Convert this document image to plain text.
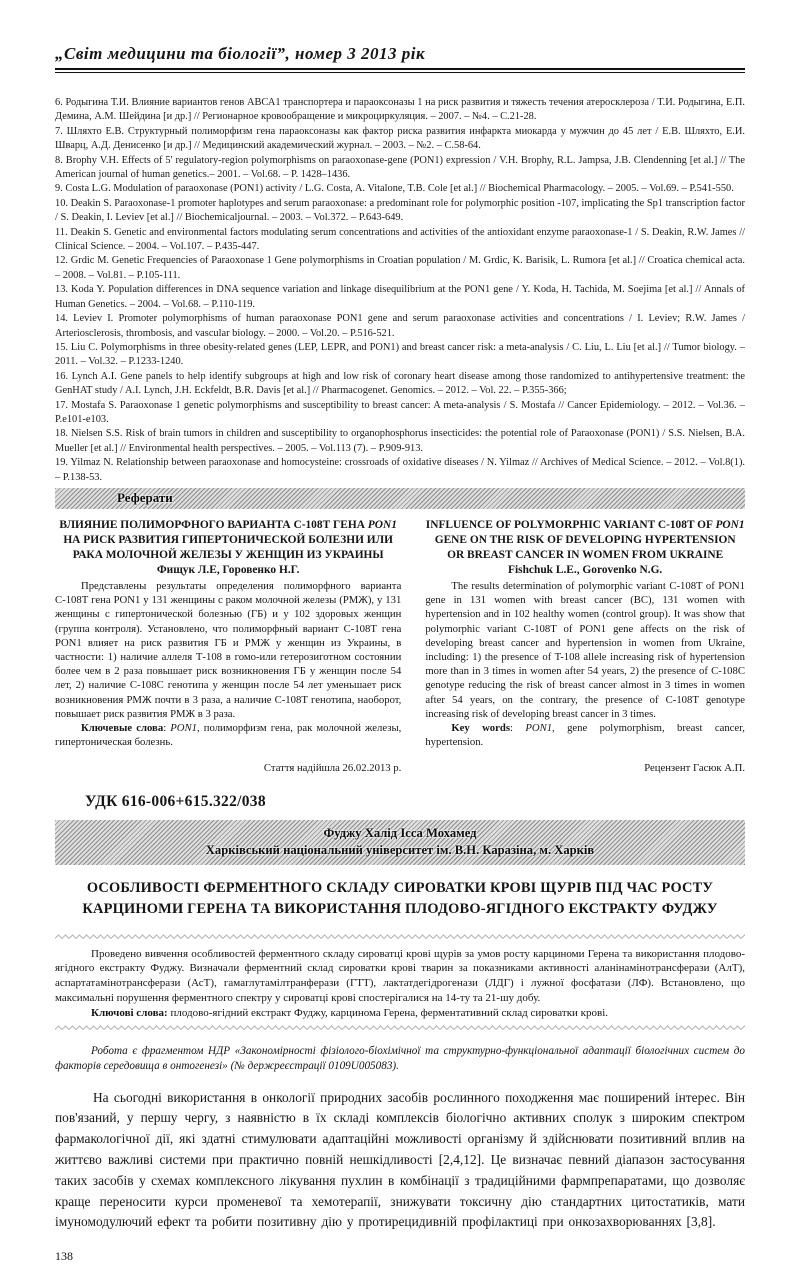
„Світ медицини та біології”, номер 3 2013 рік

6. Родыгина Т.И. Влияние вариантов генов АВСА1 транспортера и параоксоназы 1 на риск развития и тяжесть течения атеросклероза / Т.И. Родыгина, Е.П. Демина, А.М. Шейдина [и др.] // Регионарное кровообращение и микроциркуляция. – 2007. – №4. – С.21-28.

7. Шляхто Е.В. Структурный полиморфизм гена параоксоназы как фактор риска развития инфаркта миокарда у мужчин до 45 лет / Е.В. Шляхто, Е.И. Шварц, А.Д. Денисенко [и др.] // Медицинский академический журнал. – 2003. – №2. – С.58-64.

8. Brophy V.H. Effects of 5' regulatory-region polymorphisms on paraoxonase-gene (PON1) expression / V.H. Brophy, R.L. Jampsa, J.B. Clendenning [et al.] // The American journal of human genetics.– 2001. – Vol.68. – P. 1428–1436.

9. Costa L.G. Modulation of paraoxonase (PON1) activity / L.G. Costa, A. Vitalone, T.B. Cole [et al.] // Biochemical Pharmacology. – 2005. – Vol.69. – P.541-550.

10. Deakin S. Paraoxonase-1 promoter haplotypes and serum paraoxonase: a predominant role for polymorphic position -107, implicating the Sp1 transcription factor / S. Deakin, I. Leviev [et al.] // Biochemicaljournal. – 2003. – Vol.372. – P.643-649.

11. Deakin S. Genetic and environmental factors modulating serum concentrations and activities of the antioxidant enzyme paraoxonase-1 / S. Deakin, R.W. James // Clinical Science. – 2004. – Vol.107. – P.435-447.

12. Grdic M. Genetic Frequencies of Paraoxonase 1 Gene polymorphisms in Croatian population / M. Grdic, K. Barisik, L. Rumora [et al.] // Croatica chemical acta. – 2008. – Vol.81. – P.105-111.

13. Koda Y. Population differences in DNA sequence variation and linkage disequilibrium at the PON1 gene / Y. Koda, H. Tachida, M. Soejima [et al.] // Annals of Human Genetics. – 2004. – Vol.68. – P.110-119.

14. Leviev I. Promoter polymorphisms of human paraoxonase PON1 gene and serum paraoxonase activities and concentrations / I. Leviev; R.W. James / Arteriosclerosis, thrombosis, and vascular biology. – 2000. – Vol.20. – P.516-521.

15. Liu C. Polymorphisms in three obesity-related genes (LEP, LEPR, and PON1) and breast cancer risk: a meta-analysis / C. Liu, L. Liu [et al.] // Tumor biology. – 2011. – Vol.32. – P.1233-1240.

16. Lynch A.I. Gene panels to help identify subgroups at high and low risk of coronary heart disease among those randomized to antihypertensive treatment: the GenHAT study / A.I. Lynch, J.H. Eckfeldt, B.R. Davis [et al.] // Pharmacogenet. Genomics. – 2012. – Vol. 22. – P.355-366;

17. Mostafa S. Paraoxonase 1 genetic polymorphisms and susceptibility to breast cancer: A meta-analysis / S. Mostafa // Cancer Epidemiology. – 2012. – Vol.36. – P.e101-e103.

18. Nielsen S.S. Risk of brain tumors in children and susceptibility to organophosphorus insecticides: the potential role of Paraoxonase (PON1) / S.S. Nielsen, B.A. Mueller [et al.] // Environmental health perspectives. – 2005. – Vol.113 (7). – P.909-913.

19. Yilmaz N. Relationship between paraoxonase and homocysteine: crossroads of oxidative diseases / N. Yilmaz // Archives of Medical Science. – 2012. – Vol.8(1). – P.138-53.

Реферати
ВЛИЯНИЕ ПОЛИМОРФНОГО ВАРИАНТА С-108Т ГЕНА PON1 НА РИСК РАЗВИТИЯ ГИПЕРТОНИЧЕСКОЙ БОЛЕЗНИ ИЛИ РАКА МОЛОЧНОЙ ЖЕЛЕЗЫ У ЖЕНЩИН ИЗ УКРАИНЫ
Фищук Л.Е, Горовенко Н.Г.

Представлены результаты определения полиморфного варианта С-108Т гена PON1 у 131 женщины с раком молочной железы (РМЖ), у 131 женщины с гипертонической болезнью (ГБ) и у 102 здоровых женщин (группа контроля). Установлено, что полиморфный вариант С-108Т гена PON1 влияет на риск развития ГБ и РМЖ у женщин из Украины, в частности: 1) наличие аллеля Т-108 в гомо-или гетерозиготном состоянии более чем в 2 раза повышает риск возникновения ГБ у женщин после 54 лет, 2) наличие С-108С генотипа у женщин после 54 лет уменьшает риск возникновения РМЖ почти в 3 раза, а наличие С-108Т генотипа, наоборот, повышает риск развития РМЖ в 3 раза.

Ключевые слова: PON1, полиморфизм гена, рак молочной железы, гипертоническая болезнь.

Стаття надійшла 26.02.2013 р.

INFLUENCE OF POLYMORPHIC VARIANT C-108T OF PON1 GENE ON THE RISK OF DEVELOPING HYPERTENSION OR BREAST CANCER IN WOMEN FROM UKRAINE
Fishchuk L.E., Gorovenko N.G.

The results determination of polymorphic variant C-108T of PON1 gene in 131 women with breast cancer (BC), 131 women with hypertension and in 102 healthy women (control group). It was show that polymorphic variant C-108T of PON1 gene affects on the risk of developing breast cancer and hypertension in women from Ukraine, including: 1) the presence of T-108 allele increasing risk of hypertension more than in 3 times in women after 54 years, 2) the presence of C-108C genotype reducing the risk of breast cancer almost in 3 times in women after 54 years, on the contrary, the presence of C-108T genotype increasing risk of developing breast cancer in 3 times.

Key words: PON1, gene polymorphism, breast cancer, hypertension.

Рецензент Гасюк А.П.

УДК 616-006+615.322/038
Фуджу Халід Ісса Мохамед
Харківський національний університет ім. В.Н. Каразіна, м. Харків
ОСОБЛИВОСТІ ФЕРМЕНТНОГО СКЛАДУ СИРОВАТКИ КРОВІ ЩУРІВ ПІД ЧАС РОСТУ КАРЦИНОМИ ГЕРЕНА ТА ВИКОРИСТАННЯ ПЛОДОВО-ЯГІДНОГО ЕКСТРАКТУ ФУДЖУ

Проведено вивчення особливостей ферментного складу сироватці крові щурів за умов росту карциноми Герена та використання плодово-ягідного екстракту Фуджу. Визначали ферментний склад сироватки крові тварин за показниками активності аланінамінотрансферази (АлТ), аспартатамінотрансферази (АсТ), гамаглутамілтранферази (ГТТ), лактатдегідрогенази (ЛДГ) і лужної фосфатази (ЛФ). Встановлено, що максимальні порушення ферментного спектру у сироватці крові спостерігалися на 14-ту та 21-шу добу.

Ключові слова: плодово-ягідний екстракт Фуджу, карцинома Герена, ферментативний склад сироватки крові.

Робота є фрагментом НДР «Закономірності фізіолого-біохімічної та структурно-функціональної адаптації біологічних систем до факторів середовища в онтогенезі» (№ держреєстрації 0109U005083).

На сьогодні використання в онкології природних засобів рослинного походження має поширений інтерес. Він пов'язаний, у першу чергу, з наявністю в їх складі комплексів біологічно активних сполук з широким спектром фармакологічної дії, які здатні стимулювати адаптаційні можливості організму й здійснювати позитивний вплив на життєво важливі системи при практично повній нешкідливості [2,4,12]. Це визначає певний діапазон застосування таких засобів у схемах комплексного лікування пухлин в комбінації з традиційними фармпрепаратами, що дозволяє краще переносити курси променевої та хемотерапії, знижувати токсичну дію стандартних цитостатиків, мати імуномодулючий ефект та робити позитивну дію у протирецидивній профілактиці при онкозахворюваннях [3,8].

138
